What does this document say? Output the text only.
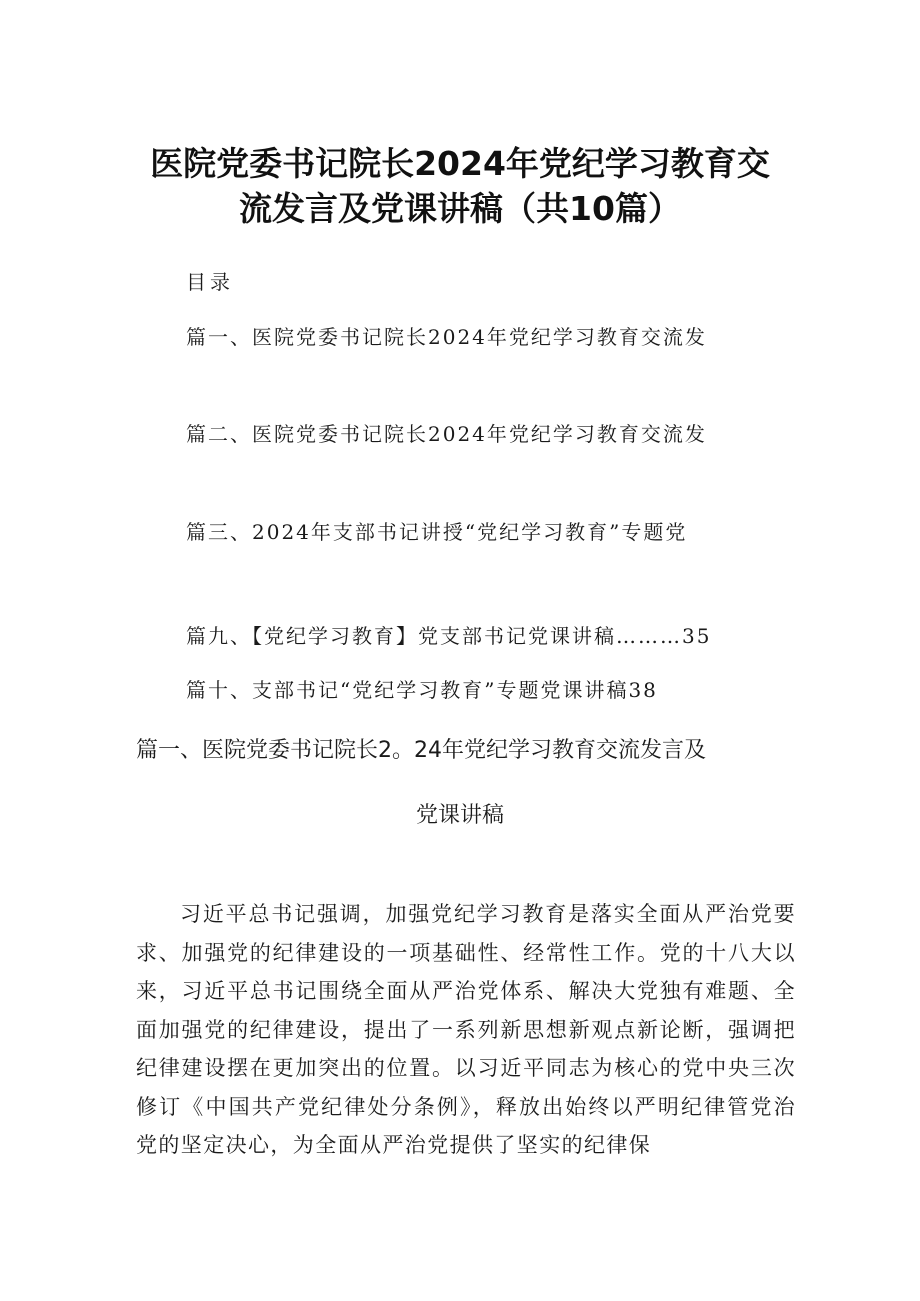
医院党委书记院长2024年党纪学习教育交
流发言及党课讲稿（共10篇）
目录
篇一、医院党委书记院长2024年党纪学习教育交流发
篇二、医院党委书记院长2024年党纪学习教育交流发
篇三、2024年支部书记讲授“党纪学习教育”专题党
篇九、【党纪学习教育】党支部书记党课讲稿………35
篇十、支部书记“党纪学习教育”专题党课讲稿38
篇一、医院党委书记院长2。24年党纪学习教育交流发言及
党课讲稿

习近平总书记强调，加强党纪学习教育是落实全面从严治党要求、加强党的纪律建设的一项基础性、经常性工作。党的十八大以来，习近平总书记围绕全面从严治党体系、解决大党独有难题、全面加强党的纪律建设，提出了一系列新思想新观点新论断，强调把纪律建设摆在更加突出的位置。以习近平同志为核心的党中央三次修订《中国共产党纪律处分条例》，释放出始终以严明纪律管党治党的坚定决心，为全面从严治党提供了坚实的纪律保
